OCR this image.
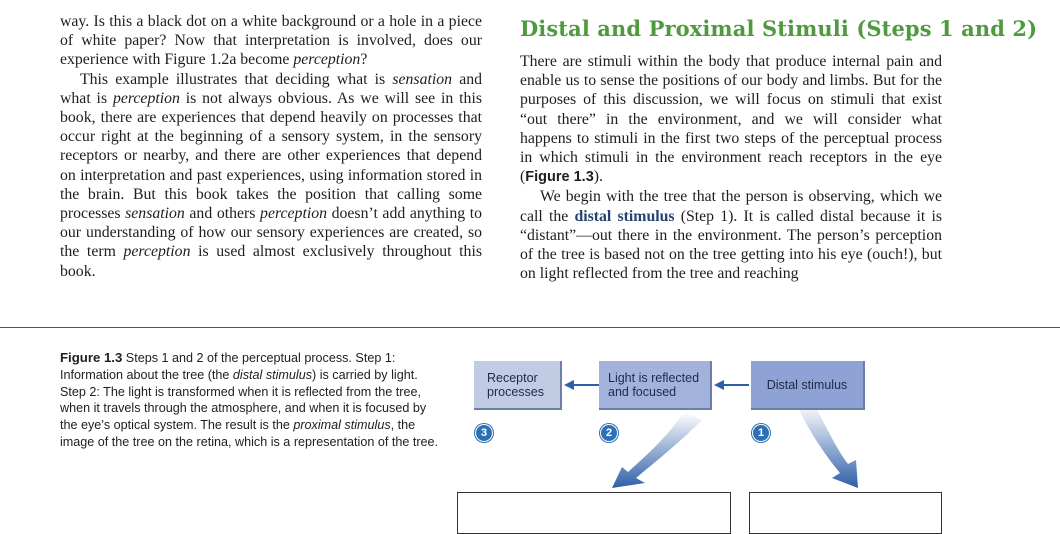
way. Is this a black dot on a white background or a hole in a piece of white paper? Now that interpretation is involved, does our experience with Figure 1.2a become perception?

This example illustrates that deciding what is sensation and what is perception is not always obvious. As we will see in this book, there are experiences that depend heavily on processes that occur right at the beginning of a sensory system, in the sensory receptors or nearby, and there are other experiences that depend on interpretation and past experiences, using information stored in the brain. But this book takes the position that calling some processes sensation and others perception doesn’t add anything to our understanding of how our sensory experiences are created, so the term perception is used almost exclusively throughout this book.

Distal and Proximal Stimuli (Steps 1 and 2)

There are stimuli within the body that produce internal pain and enable us to sense the positions of our body and limbs. But for the purposes of this discussion, we will focus on stimuli that exist “out there” in the environment, and we will consider what happens to stimuli in the first two steps of the perceptual process in which stimuli in the environment reach receptors in the eye (Figure 1.3).

We begin with the tree that the person is observing, which we call the distal stimulus (Step 1). It is called distal because it is “distant”—out there in the environment. The person’s perception of the tree is based not on the tree getting into his eye (ouch!), but on light reflected from the tree and reaching

Figure 1.3 Steps 1 and 2 of the perceptual process. Step 1: Information about the tree (the distal stimulus) is carried by light. Step 2: The light is transformed when it is reflected from the tree, when it travels through the atmosphere, and when it is focused by the eye’s optical system. The result is the proximal stimulus, the image of the tree on the retina, which is a representation of the tree.

Receptor
processes
Light is reflected
and focused	Distal stimulus
3	2	1
